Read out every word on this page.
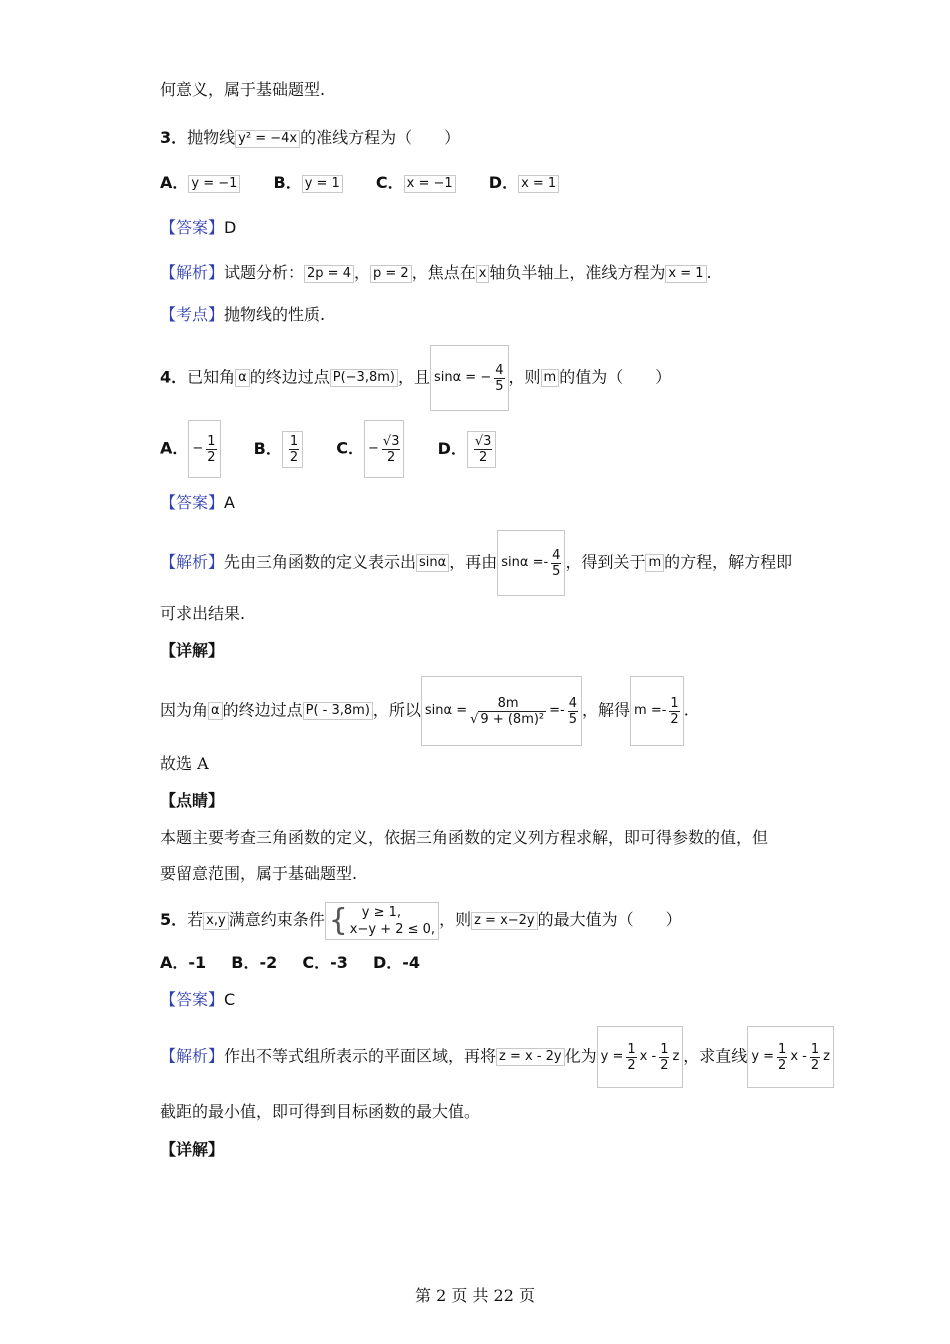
何意义，属于基础题型.
3．抛物线 y² = −4x 的准线方程为（　　）
A． y = −1 B． y = 1 C． x = −1 D． x = 1
【答案】D
【解析】试题分析： 2p = 4 ， p = 2 ，焦点在 x 轴负半轴上，准线方程为 x = 1 .
【考点】抛物线的性质.
4．已知角 α 的终边过点 P(−3,8m) ，且 sinα = − $\frac{4}{5}$ ，则 m 的值为（　　）
A． − $\frac{1}{2}$ B． 1
2 C． − $\frac{√3}{2}$ D． √3
2
【答案】A
【解析】先由三角函数的定义表示出 sinα ，再由 sinα =- 4
5 ，得到关于 m 的方程，解方程即
可求出结果.
【详解】
因为角 α 的终边过点 P( - 3,8m) ，所以 $\sin\alpha = \frac{8m}{\text{√ 9 + (8m)²}} =- 4$
5 ，解得 m =- 1
2 .
故选 A
【点睛】
本题主要考查三角函数的定义，依据三角函数的定义列方程求解，即可得参数的值，但
要留意范围，属于基础题型.
5．若 x,y 满意约束条件 {	y ≥ 1,
x−y + 2 ≤ 0, ，则 z = x−2y 的最大值为（　　）
A．-1 B．-2 C．-3 D．-4
【答案】C
【解析】作出不等式组所表示的平面区域，再将 z = x - 2y 化为 $y = \frac{1}{2}$ x - 1
2
z ，求直线 $y = \frac{1}{2}$ x - 1
2
z
截距的最小值，即可得到目标函数的最大值。
【详解】
第 2 页 共 22 页
